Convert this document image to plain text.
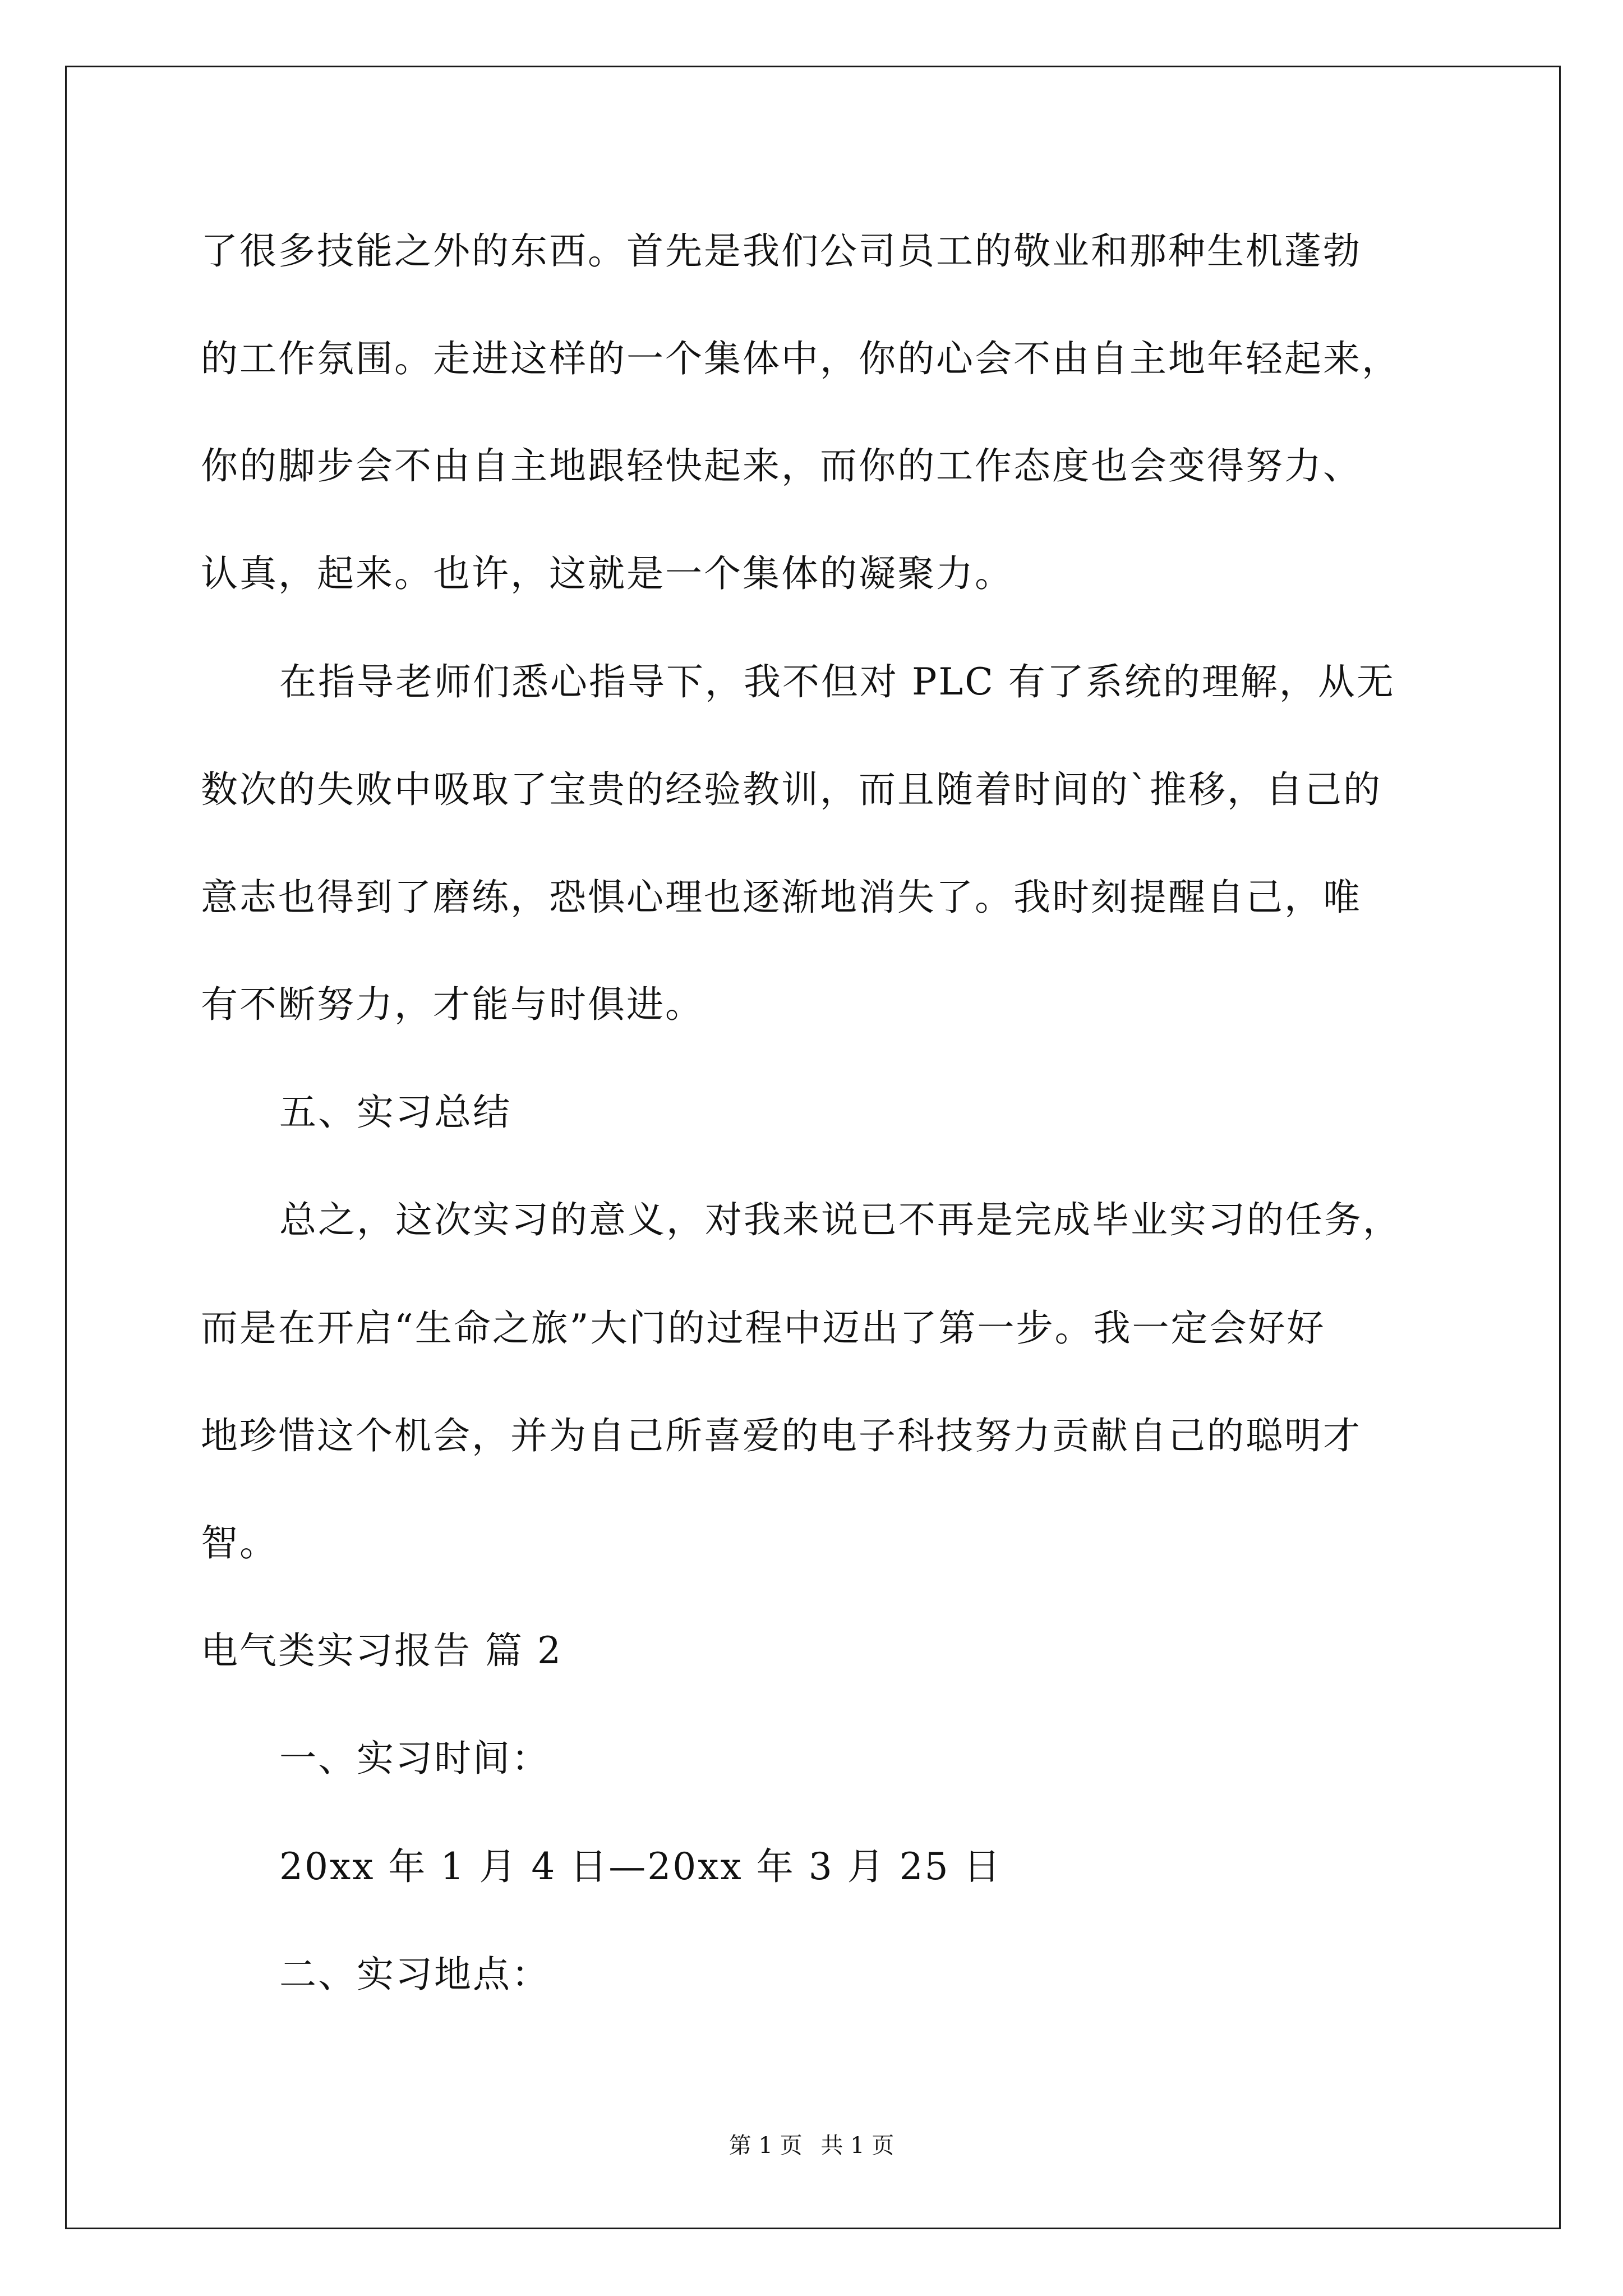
了很多技能之外的东西。首先是我们公司员工的敬业和那种生机蓬勃
的工作氛围。走进这样的一个集体中，你的心会不由自主地年轻起来，
你的脚步会不由自主地跟轻快起来，而你的工作态度也会变得努力、
认真，起来。也许，这就是一个集体的凝聚力。
在指导老师们悉心指导下，我不但对 PLC 有了系统的理解，从无
数次的失败中吸取了宝贵的经验教训，而且随着时间的`推移，自己的
意志也得到了磨练，恐惧心理也逐渐地消失了。我时刻提醒自己，唯
有不断努力，才能与时俱进。
五、实习总结
总之，这次实习的意义，对我来说已不再是完成毕业实习的任务，
而是在开启“生命之旅”大门的过程中迈出了第一步。我一定会好好
地珍惜这个机会，并为自己所喜爱的电子科技努力贡献自己的聪明才
智。
电气类实习报告 篇 2
一、实习时间：
20xx 年 1 月 4 日—20xx 年 3 月 25 日
二、实习地点：
第 1 页 共 1 页
